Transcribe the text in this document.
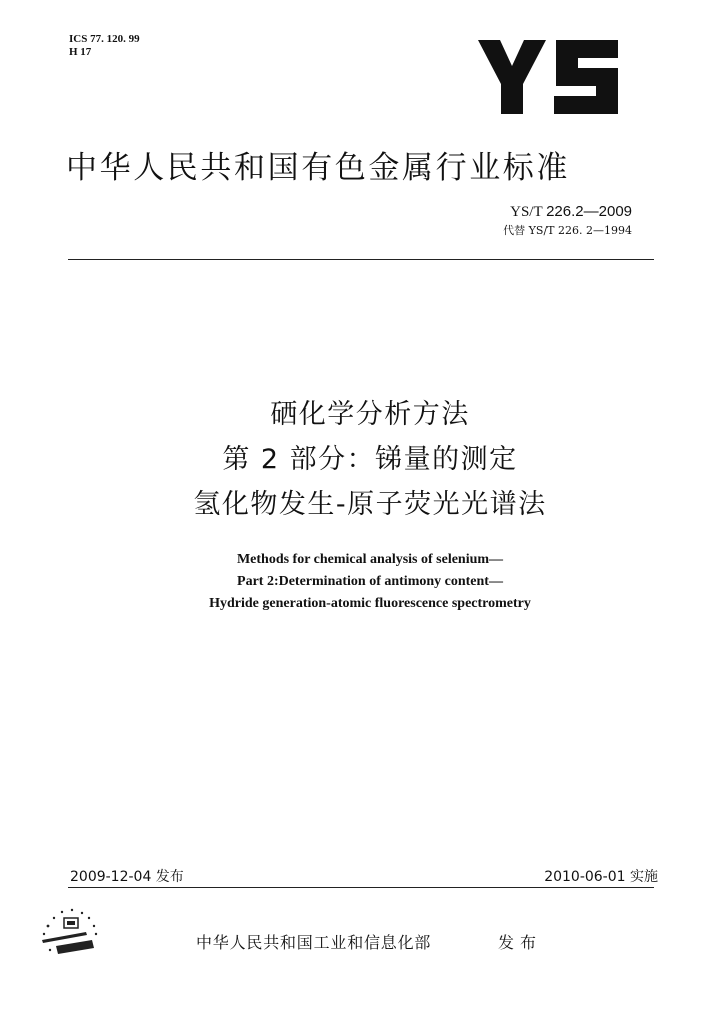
ICS 77. 120. 99
H 17
中华人民共和国有色金属行业标准
YS/T 226.2—2009
代替 YS/T 226. 2—1994
硒化学分析方法
第 2 部分：锑量的测定
氢化物发生-原子荧光光谱法
Methods for chemical analysis of selenium—
Part 2:Determination of antimony content—
Hydride generation-atomic fluorescence spectrometry
2009-12-04 发布	2010-06-01 实施
中华人民共和国工业和信息化部	发布
